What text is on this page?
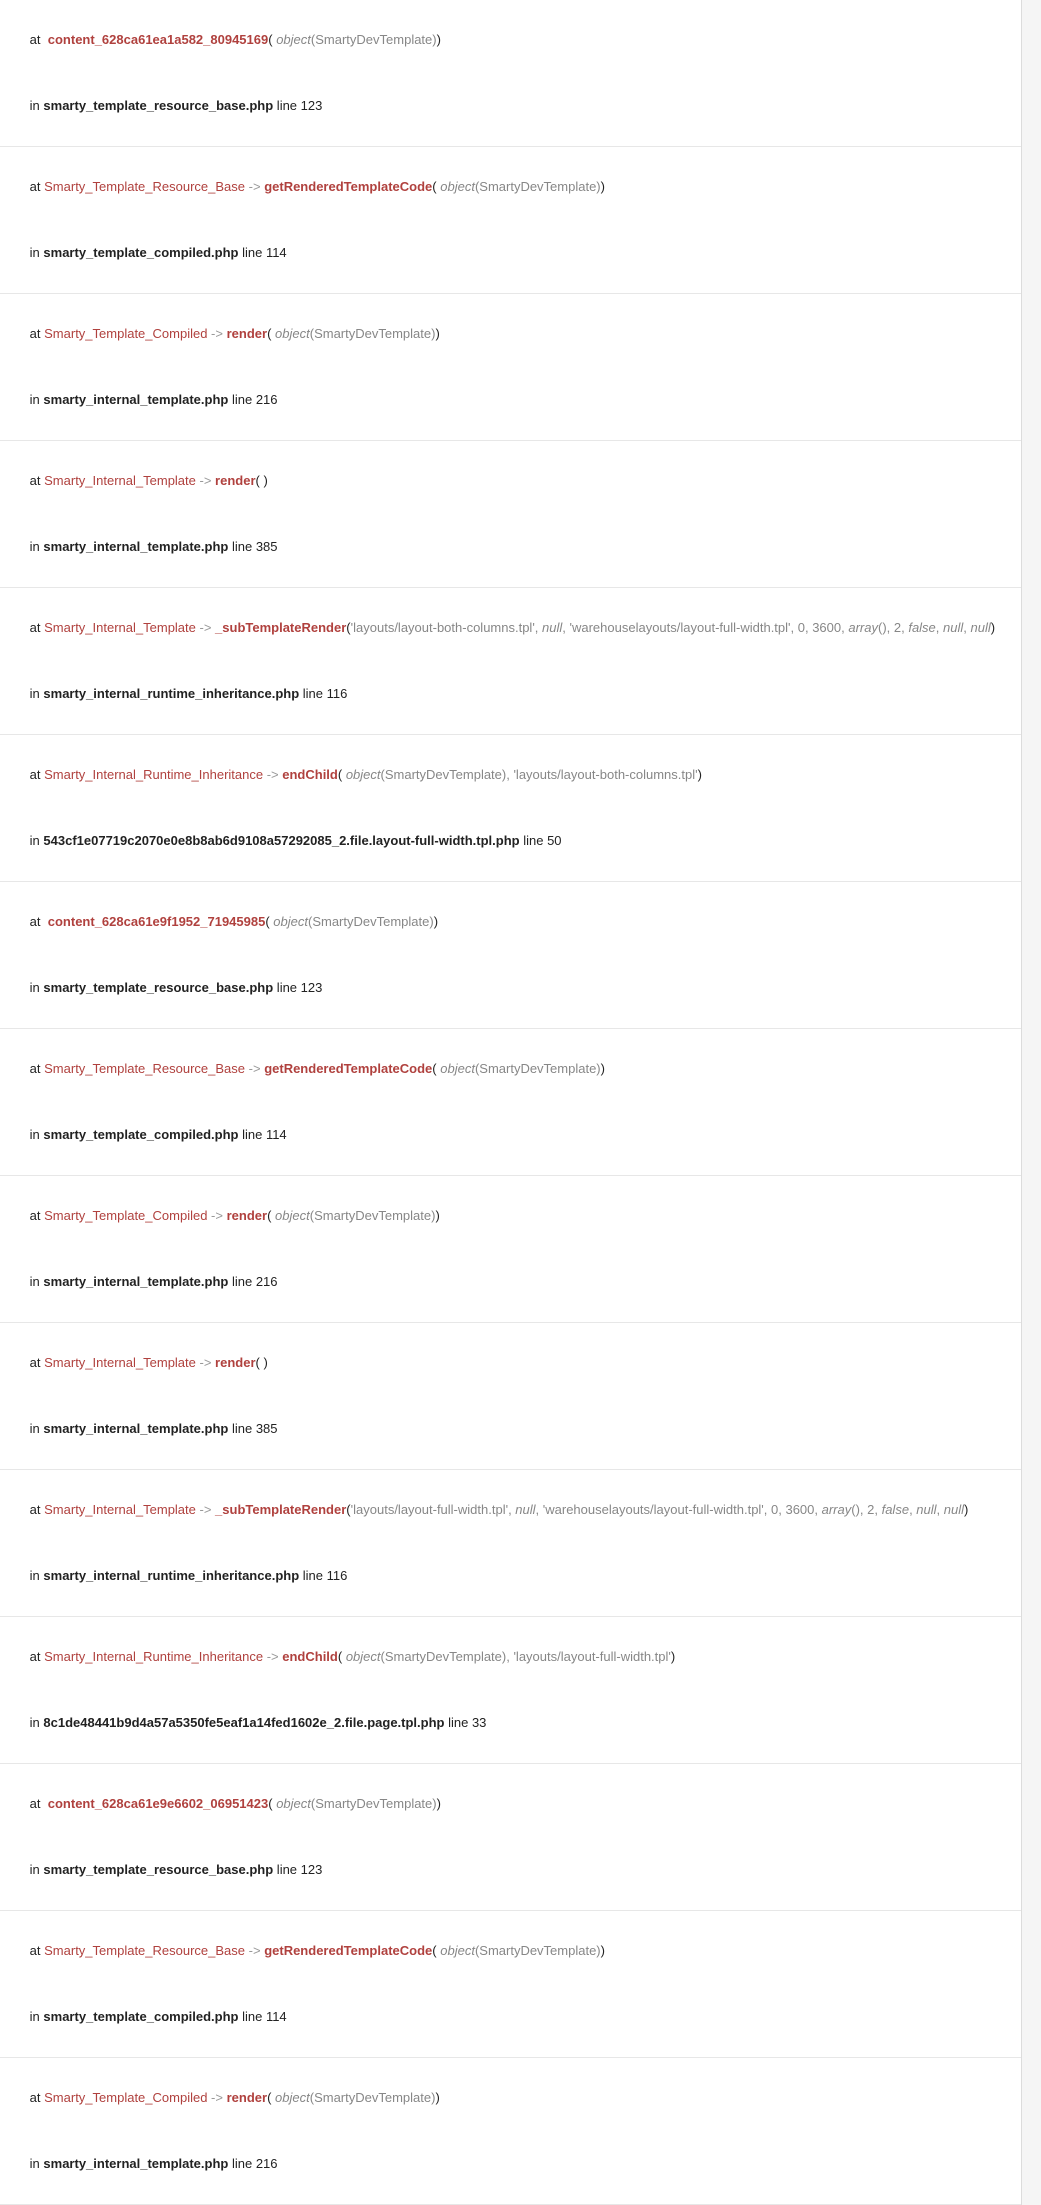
at  content_628ca61ea1a582_80945169( object(SmartyDevTemplate))

in smarty_template_resource_base.php line 123

at Smarty_Template_Resource_Base -> getRenderedTemplateCode( object(SmartyDevTemplate))

in smarty_template_compiled.php line 114

at Smarty_Template_Compiled -> render( object(SmartyDevTemplate))

in smarty_internal_template.php line 216

at Smarty_Internal_Template -> render( )

in smarty_internal_template.php line 385

at Smarty_Internal_Template -> _subTemplateRender('layouts/layout-both-columns.tpl', null, 'warehouselayouts/layout-full-width.tpl', 0, 3600, array(), 2, false, null, null)

in smarty_internal_runtime_inheritance.php line 116

at Smarty_Internal_Runtime_Inheritance -> endChild( object(SmartyDevTemplate), 'layouts/layout-both-columns.tpl')

in 543cf1e07719c2070e0e8b8ab6d9108a57292085_2.file.layout-full-width.tpl.php line 50

at  content_628ca61e9f1952_71945985( object(SmartyDevTemplate))

in smarty_template_resource_base.php line 123

at Smarty_Template_Resource_Base -> getRenderedTemplateCode( object(SmartyDevTemplate))

in smarty_template_compiled.php line 114

at Smarty_Template_Compiled -> render( object(SmartyDevTemplate))

in smarty_internal_template.php line 216

at Smarty_Internal_Template -> render( )

in smarty_internal_template.php line 385

at Smarty_Internal_Template -> _subTemplateRender('layouts/layout-full-width.tpl', null, 'warehouselayouts/layout-full-width.tpl', 0, 3600, array(), 2, false, null, null)

in smarty_internal_runtime_inheritance.php line 116

at Smarty_Internal_Runtime_Inheritance -> endChild( object(SmartyDevTemplate), 'layouts/layout-full-width.tpl')

in 8c1de48441b9d4a57a5350fe5eaf1a14fed1602e_2.file.page.tpl.php line 33

at  content_628ca61e9e6602_06951423( object(SmartyDevTemplate))

in smarty_template_resource_base.php line 123

at Smarty_Template_Resource_Base -> getRenderedTemplateCode( object(SmartyDevTemplate))

in smarty_template_compiled.php line 114

at Smarty_Template_Compiled -> render( object(SmartyDevTemplate))

in smarty_internal_template.php line 216
